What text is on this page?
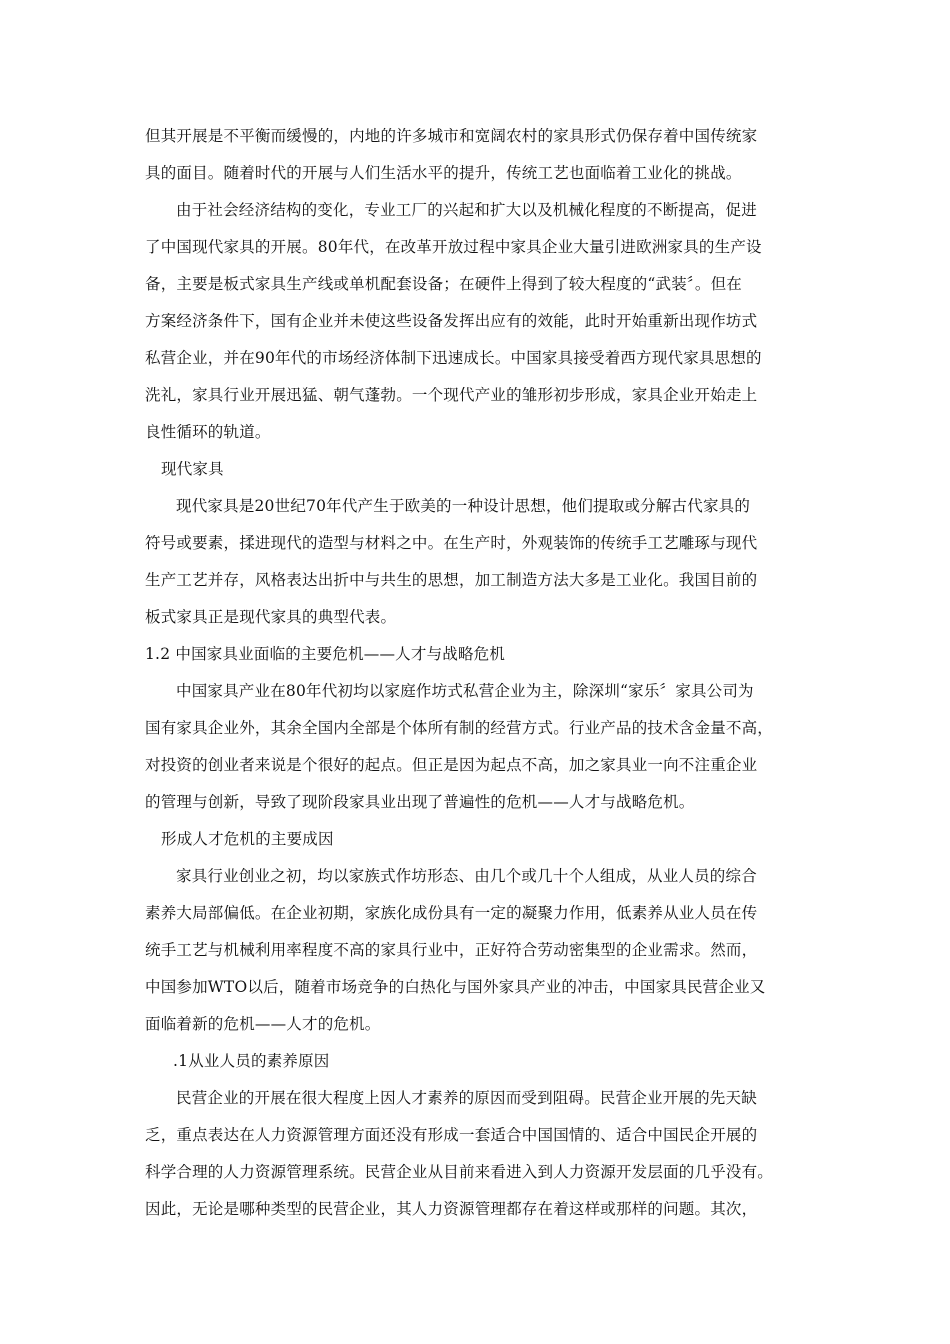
但其开展是不平衡而缓慢的，内地的许多城市和宽阔农村的家具形式仍保存着中国传统家
具的面目。随着时代的开展与人们生活水平的提升，传统工艺也面临着工业化的挑战。
由于社会经济结构的变化，专业工厂的兴起和扩大以及机械化程度的不断提高，促进
了中国现代家具的开展。80年代，在改革开放过程中家具企业大量引进欧洲家具的生产设
备，主要是板式家具生产线或单机配套设备；在硬件上得到了较大程度的“武装〞。但在
方案经济条件下，国有企业并未使这些设备发挥出应有的效能，此时开始重新出现作坊式
私营企业，并在90年代的市场经济体制下迅速成长。中国家具接受着西方现代家具思想的
洗礼，家具行业开展迅猛、朝气蓬勃。一个现代产业的雏形初步形成，家具企业开始走上
良性循环的轨道。
现代家具
现代家具是20世纪70年代产生于欧美的一种设计思想，他们提取或分解古代家具的
符号或要素，揉进现代的造型与材料之中。在生产时，外观装饰的传统手工艺雕琢与现代
生产工艺并存，风格表达出折中与共生的思想，加工制造方法大多是工业化。我国目前的
板式家具正是现代家具的典型代表。
1.2 中国家具业面临的主要危机——人才与战略危机
中国家具产业在80年代初均以家庭作坊式私营企业为主，除深圳“家乐〞家具公司为
国有家具企业外，其余全国内全部是个体所有制的经营方式。行业产品的技术含金量不高，
对投资的创业者来说是个很好的起点。但正是因为起点不高，加之家具业一向不注重企业
的管理与创新，导致了现阶段家具业出现了普遍性的危机——人才与战略危机。
形成人才危机的主要成因
家具行业创业之初，均以家族式作坊形态、由几个或几十个人组成，从业人员的综合
素养大局部偏低。在企业初期，家族化成份具有一定的凝聚力作用，低素养从业人员在传
统手工艺与机械利用率程度不高的家具行业中，正好符合劳动密集型的企业需求。然而，
中国参加WTO以后，随着市场竞争的白热化与国外家具产业的冲击，中国家具民营企业又
面临着新的危机——人才的危机。
.1从业人员的素养原因
民营企业的开展在很大程度上因人才素养的原因而受到阻碍。民营企业开展的先天缺
乏，重点表达在人力资源管理方面还没有形成一套适合中国国情的、适合中国民企开展的
科学合理的人力资源管理系统。民营企业从目前来看进入到人力资源开发层面的几乎没有。
因此，无论是哪种类型的民营企业，其人力资源管理都存在着这样或那样的问题。其次，
